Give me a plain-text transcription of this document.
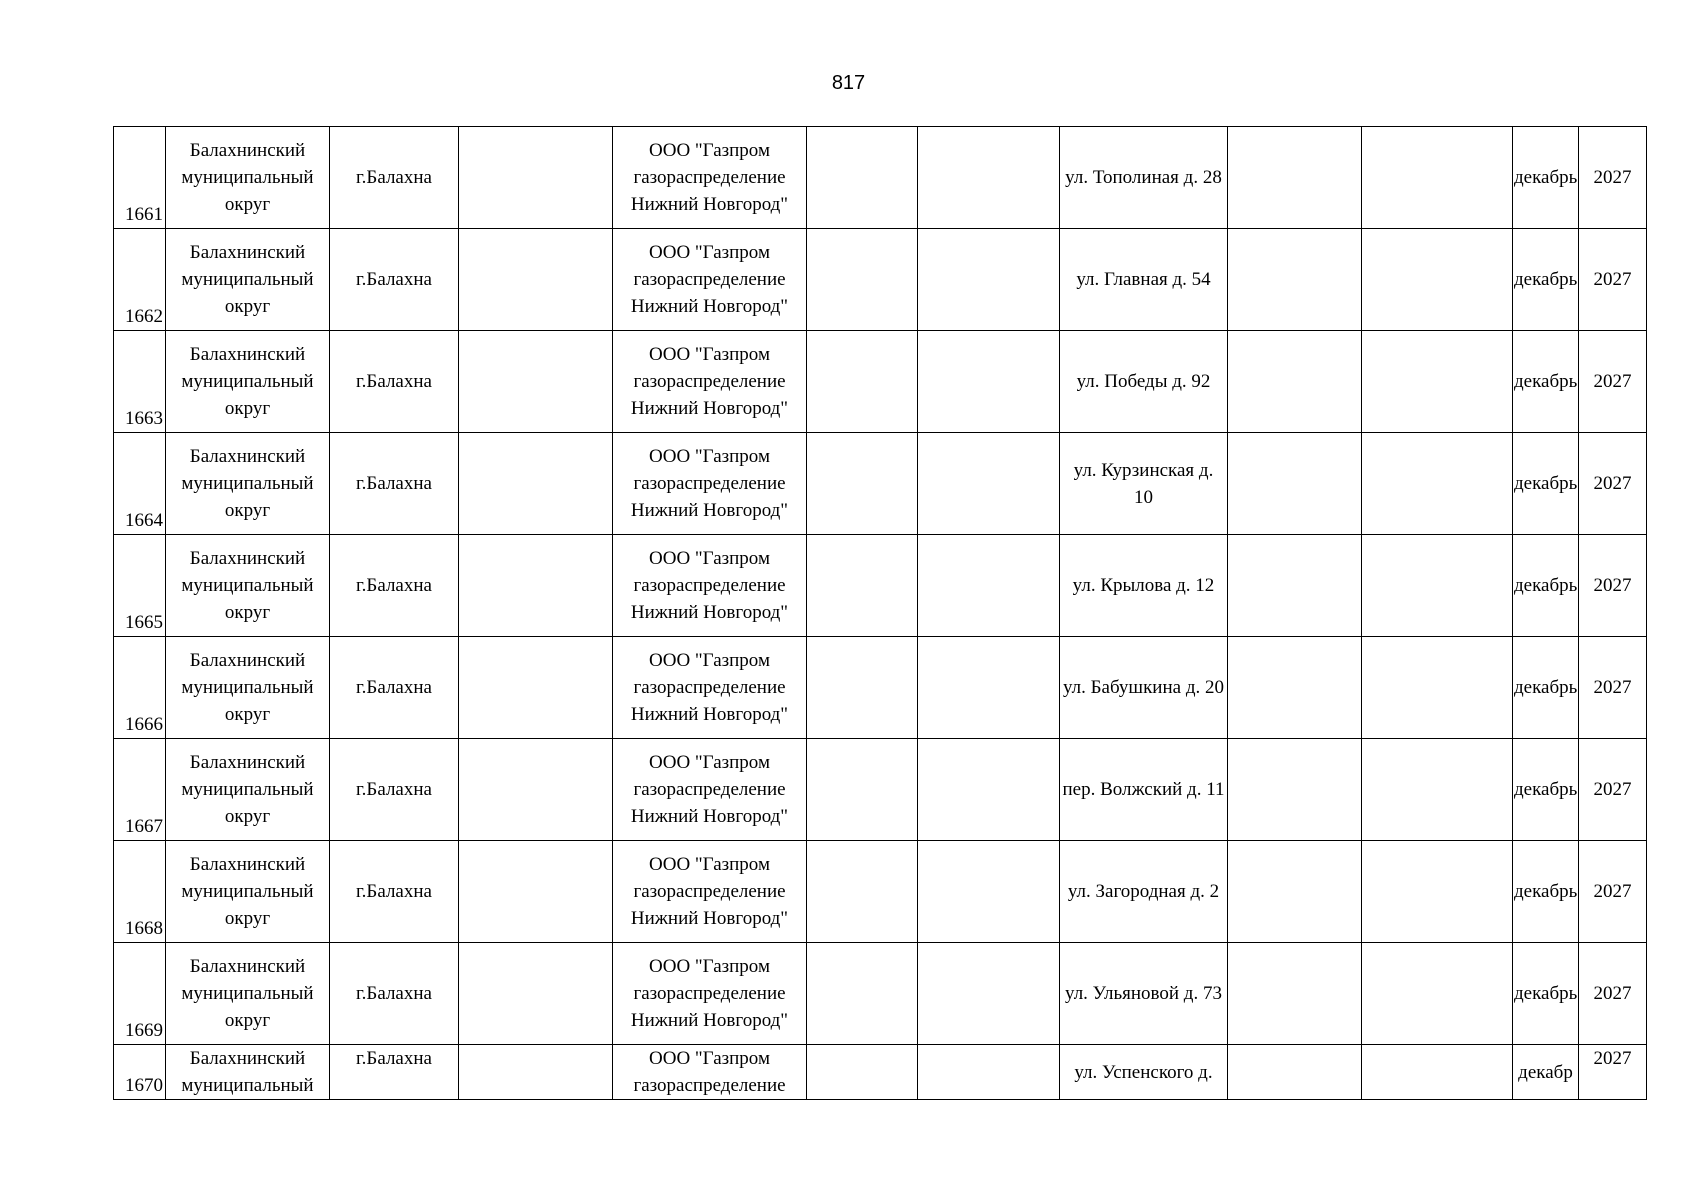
817
1661	Балахнинский муниципальный округ	г.Балахна		ООО "Газпром газораспределение Нижний Новгород"			ул. Тополиная д. 28			декабрь	2027
1662	Балахнинский муниципальный округ	г.Балахна		ООО "Газпром газораспределение Нижний Новгород"			ул. Главная д. 54			декабрь	2027
1663	Балахнинский муниципальный округ	г.Балахна		ООО "Газпром газораспределение Нижний Новгород"			ул. Победы д. 92			декабрь	2027
1664	Балахнинский муниципальный округ	г.Балахна		ООО "Газпром газораспределение Нижний Новгород"			ул. Курзинская д. 10			декабрь	2027
1665	Балахнинский муниципальный округ	г.Балахна		ООО "Газпром газораспределение Нижний Новгород"			ул. Крылова д. 12			декабрь	2027
1666	Балахнинский муниципальный округ	г.Балахна		ООО "Газпром газораспределение Нижний Новгород"			ул. Бабушкина д. 20			декабрь	2027
1667	Балахнинский муниципальный округ	г.Балахна		ООО "Газпром газораспределение Нижний Новгород"			пер. Волжский д. 11			декабрь	2027
1668	Балахнинский муниципальный округ	г.Балахна		ООО "Газпром газораспределение Нижний Новгород"			ул. Загородная д. 2			декабрь	2027
1669	Балахнинский муниципальный округ	г.Балахна		ООО "Газпром газораспределение Нижний Новгород"			ул. Ульяновой д. 73			декабрь	2027
1670	Балахнинский муниципальный	г.Балахна		ООО "Газпром газораспределение			ул. Успенского д.			декабр	2027
